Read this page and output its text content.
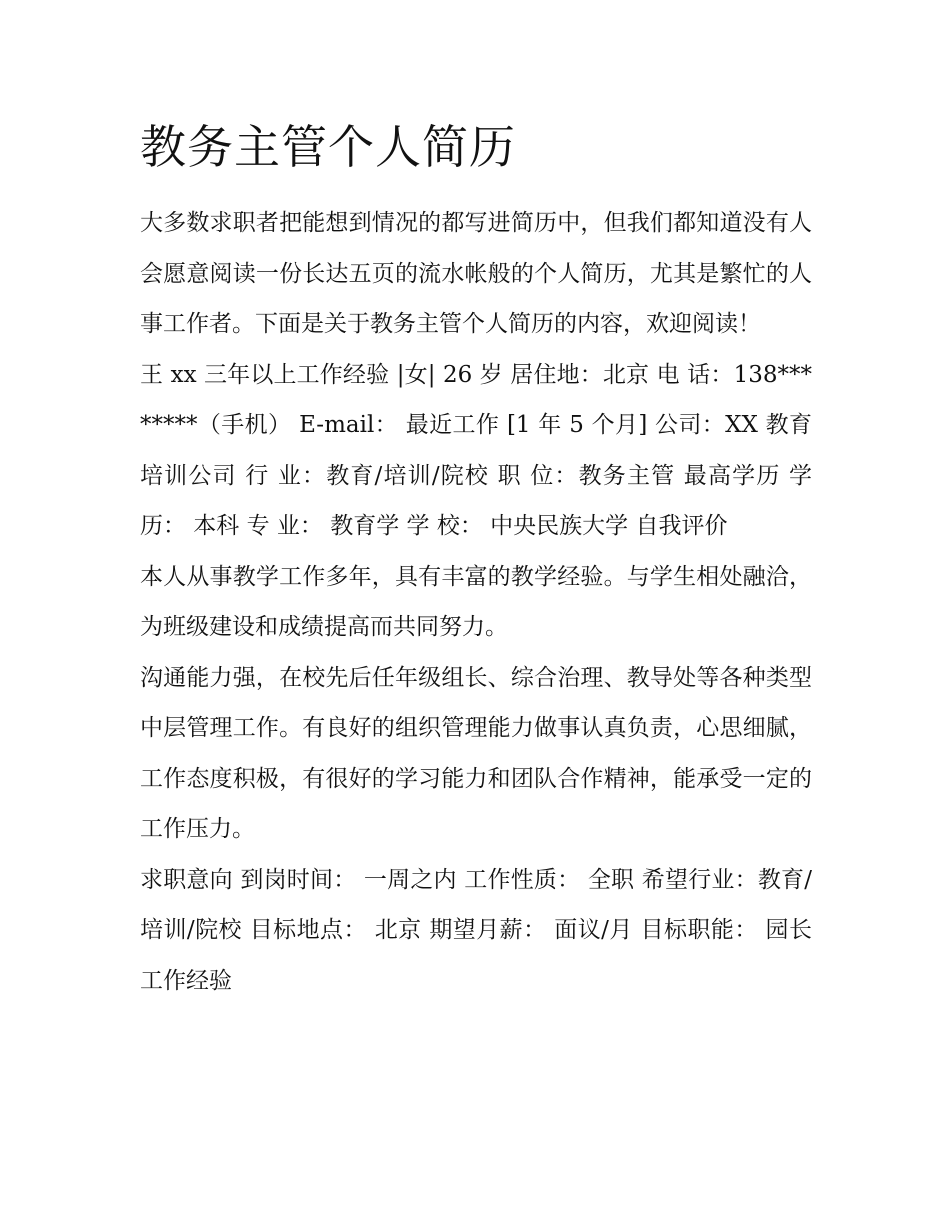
教务主管个人简历

大多数求职者把能想到情况的都写进简历中，但我们都知道没有人会愿意阅读一份长达五页的流水帐般的个人简历，尤其是繁忙的人事工作者。下面是关于教务主管个人简历的内容，欢迎阅读！

王 xx 三年以上工作经验 |女| 26 岁 居住地：北京 电 话：138********（手机） E-mail： 最近工作 [1 年 5 个月] 公司：XX 教育培训公司 行 业：教育/培训/院校 职 位：教务主管 最高学历 学 历： 本科 专 业： 教育学 学 校： 中央民族大学 自我评价

本人从事教学工作多年，具有丰富的教学经验。与学生相处融洽，为班级建设和成绩提高而共同努力。

沟通能力强，在校先后任年级组长、综合治理、教导处等各种类型中层管理工作。有良好的组织管理能力做事认真负责，心思细腻，工作态度积极，有很好的学习能力和团队合作精神，能承受一定的工作压力。

求职意向 到岗时间： 一周之内 工作性质： 全职 希望行业：教育/培训/院校 目标地点： 北京 期望月薪： 面议/月 目标职能： 园长 工作经验
